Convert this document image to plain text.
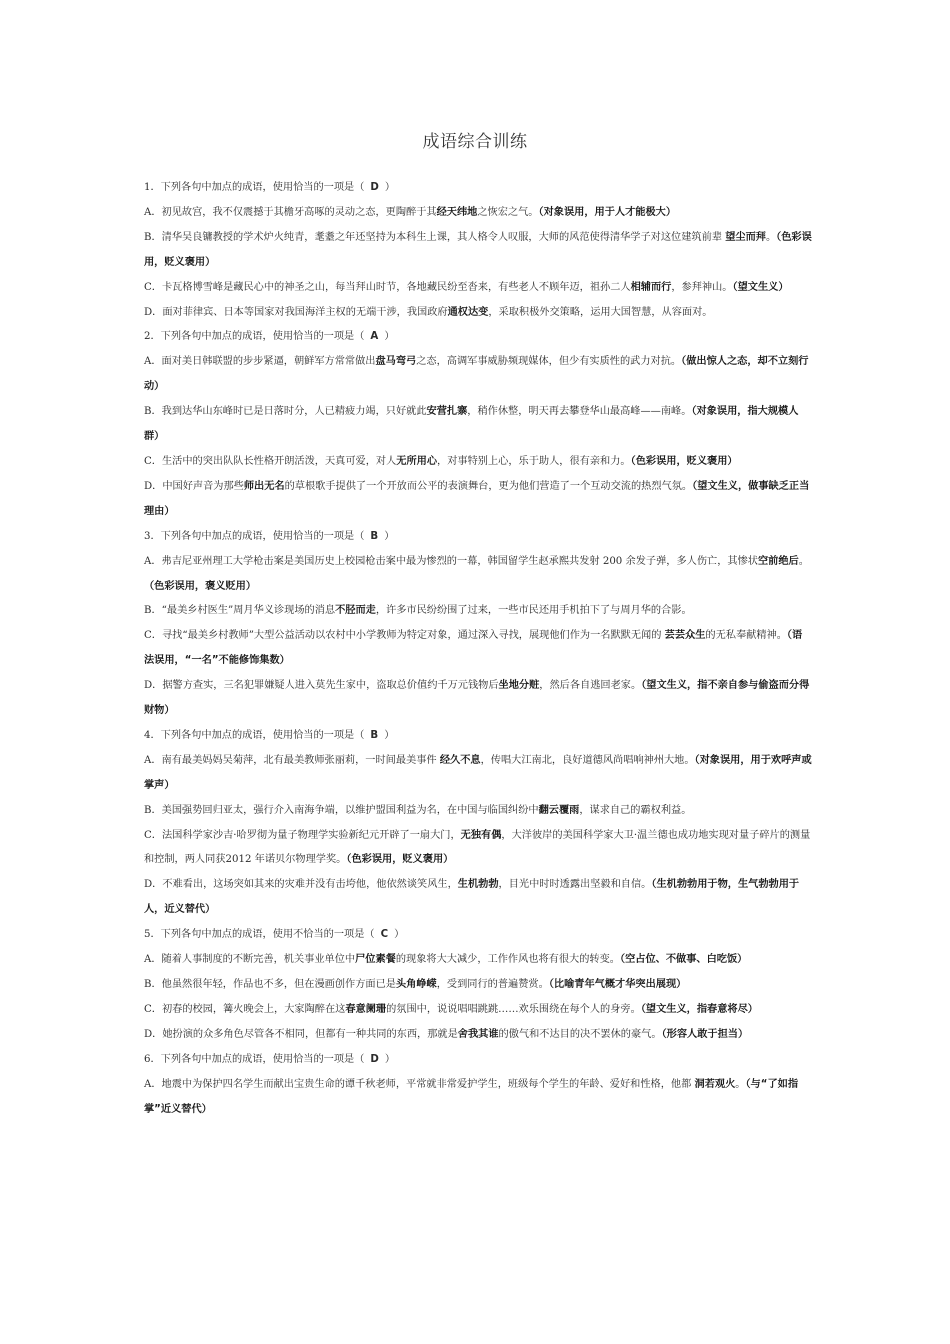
成语综合训练
1．下列各句中加点的成语，使用恰当的一项是（ D ）
A．初见故宫，我不仅震撼于其檐牙高啄的灵动之态，更陶醉于其经天纬地之恢宏之气。（对象误用，用于人才能极大）
B．清华吴良镛教授的学术炉火纯青，耄耋之年还坚持为本科生上课，其人格令人叹服，大师的风范使得清华学子对这位建筑前辈 望尘而拜。（色彩误用，贬义褒用）
C．卡瓦格博雪峰是藏民心中的神圣之山，每当拜山时节，各地藏民纷至沓来，有些老人不顾年迈，祖孙二人相辅而行，参拜神山。（望文生义）
D．面对菲律宾、日本等国家对我国海洋主权的无端干涉，我国政府通权达变，采取积极外交策略，运用大国智慧，从容面对。
2．下列各句中加点的成语，使用恰当的一项是（ A ）
A．面对美日韩联盟的步步紧逼，朝鲜军方常常做出盘马弯弓之态，高调军事威胁频现媒体，但少有实质性的武力对抗。（做出惊人之态，却不立刻行动）
B．我到达华山东峰时已是日落时分，人已精疲力竭，只好就此安营扎寨，稍作休整，明天再去攀登华山最高峰——南峰。（对象误用，指大规模人群）
C．生活中的突出队队长性格开朗活泼，天真可爱，对人无所用心，对事特别上心，乐于助人，很有亲和力。（色彩误用，贬义褒用）
D．中国好声音为那些师出无名的草根歌手提供了一个开放而公平的表演舞台，更为他们营造了一个互动交流的热烈气氛。（望文生义，做事缺乏正当理由）
3．下列各句中加点的成语，使用恰当的一项是（ B ）
A．弗吉尼亚州理工大学枪击案是美国历史上校园枪击案中最为惨烈的一幕，韩国留学生赵承熙共发射 200 余发子弹，多人伤亡，其惨状空前绝后。（色彩误用，褒义贬用）
B．“最美乡村医生”周月华义诊现场的消息不胫而走，许多市民纷纷围了过来，一些市民还用手机拍下了与周月华的合影。
C．寻找“最美乡村教师”大型公益活动以农村中小学教师为特定对象，通过深入寻找，展现他们作为一名默默无闻的 芸芸众生的无私奉献精神。（语法误用，“一名”不能修饰集数）
D．据警方查实，三名犯罪嫌疑人进入莫先生家中，盗取总价值约千万元钱物后坐地分赃，然后各自逃回老家。（望文生义，指不亲自参与偷盗而分得财物）
4．下列各句中加点的成语，使用恰当的一项是（ B ）
A．南有最美妈妈吴菊萍，北有最美教师张丽莉，一时间最美事件 经久不息，传唱大江南北，良好道德风尚唱响神州大地。（对象误用，用于欢呼声或掌声）
B．美国强势回归亚太，强行介入南海争端，以维护盟国利益为名，在中国与临国纠纷中翻云覆雨，谋求自己的霸权利益。
C．法国科学家沙吉·哈罗彻为量子物理学实验新纪元开辟了一扇大门，无独有偶，大洋彼岸的美国科学家大卫·温兰德也成功地实现对量子碎片的测量和控制，两人同获2012 年诺贝尔物理学奖。（色彩误用，贬义褒用）
D．不难看出，这场突如其来的灾难并没有击垮他，他依然谈笑风生，生机勃勃，目光中时时透露出坚毅和自信。（生机勃勃用于物，生气勃勃用于人，近义替代）
5．下列各句中加点的成语，使用不恰当的一项是（ C ）
A．随着人事制度的不断完善，机关事业单位中尸位素餐的现象将大大减少，工作作风也将有很大的转变。（空占位、不做事、白吃饭）
B．他虽然很年轻，作品也不多，但在漫画创作方面已是头角峥嵘，受到同行的普遍赞赏。（比喻青年气概才华突出展现）
C．初春的校园，篝火晚会上，大家陶醉在这春意阑珊的氛围中，说说唱唱跳跳……欢乐围绕在每个人的身旁。（望文生义，指春意将尽）
D．她扮演的众多角色尽管各不相同，但都有一种共同的东西，那就是舍我其谁的傲气和不达目的决不罢休的豪气。（形容人敢于担当）
6．下列各句中加点的成语，使用恰当的一项是（ D ）
A．地震中为保护四名学生而献出宝贵生命的谭千秋老师，平常就非常爱护学生，班级每个学生的年龄、爱好和性格，他都 洞若观火。（与“了如指掌”近义替代）
